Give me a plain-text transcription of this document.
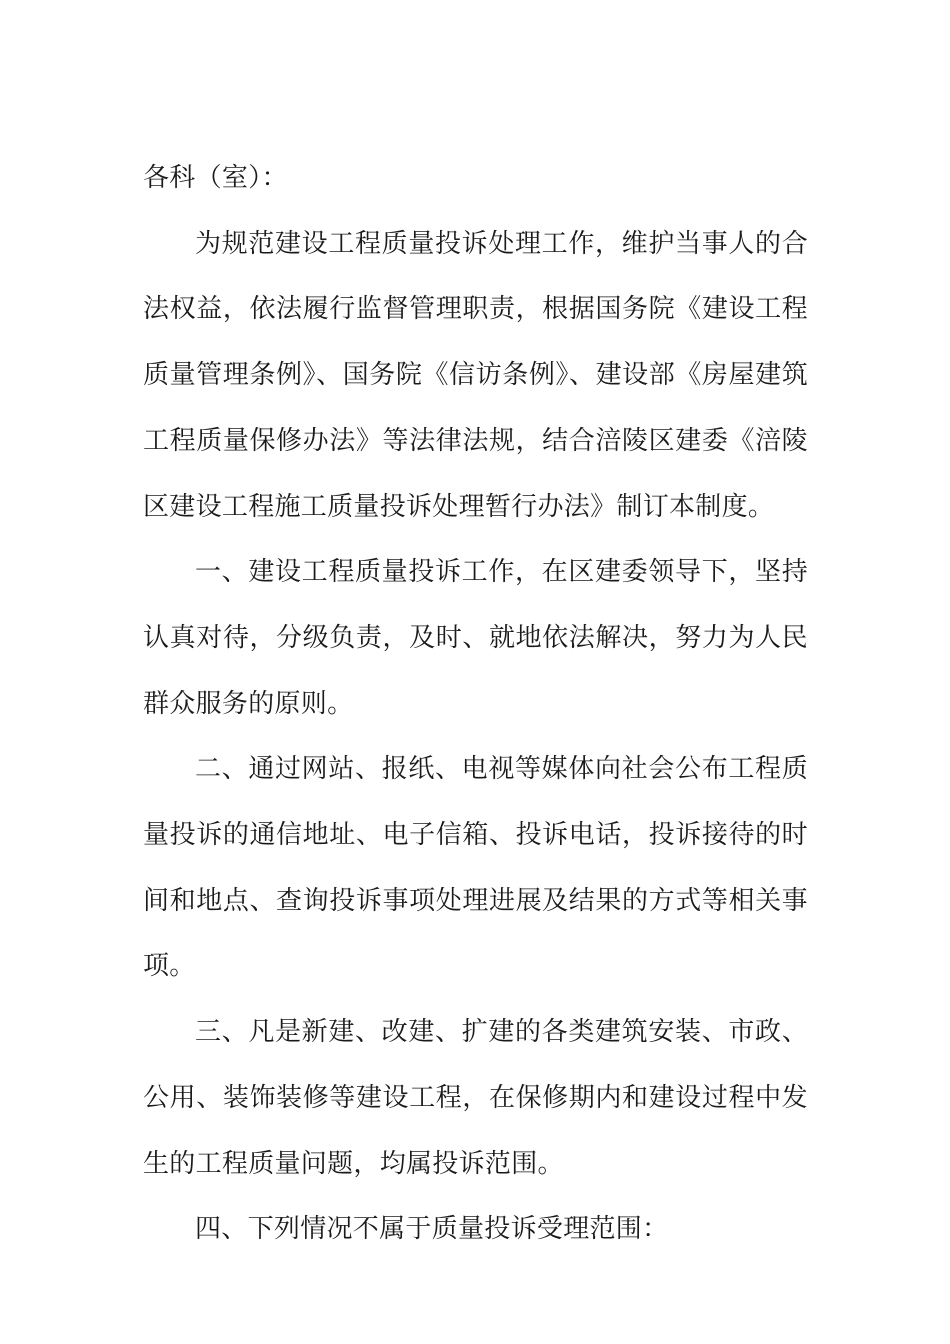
各科（室）：

为规范建设工程质量投诉处理工作，维护当事人的合法权益，依法履行监督管理职责，根据国务院《建设工程质量管理条例》、国务院《信访条例》、建设部《房屋建筑工程质量保修办法》等法律法规，结合涪陵区建委《涪陵区建设工程施工质量投诉处理暂行办法》制订本制度。

一、建设工程质量投诉工作，在区建委领导下，坚持认真对待，分级负责，及时、就地依法解决，努力为人民群众服务的原则。

二、通过网站、报纸、电视等媒体向社会公布工程质量投诉的通信地址、电子信箱、投诉电话，投诉接待的时间和地点、查询投诉事项处理进展及结果的方式等相关事项。

三、凡是新建、改建、扩建的各类建筑安装、市政、公用、装饰装修等建设工程，在保修期内和建设过程中发生的工程质量问题，均属投诉范围。

四、下列情况不属于质量投诉受理范围：
